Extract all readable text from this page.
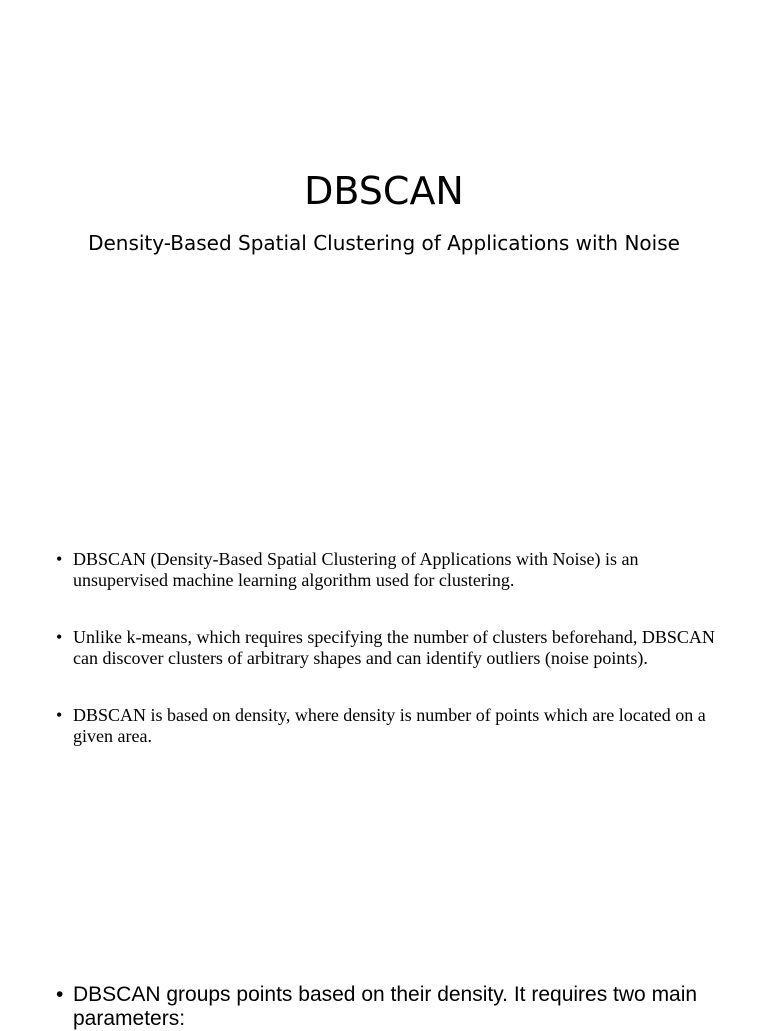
DBSCAN

Density-Based Spatial Clustering of Applications with Noise

• DBSCAN (Density-Based Spatial Clustering of Applications with Noise) is an unsupervised machine learning algorithm used for clustering.
• Unlike k-means, which requires specifying the number of clusters beforehand, DBSCAN can discover clusters of arbitrary shapes and can identify outliers (noise points).
• DBSCAN is based on density, where density is number of points which are located on a given area.
• DBSCAN groups points based on their density. It requires two main parameters:
